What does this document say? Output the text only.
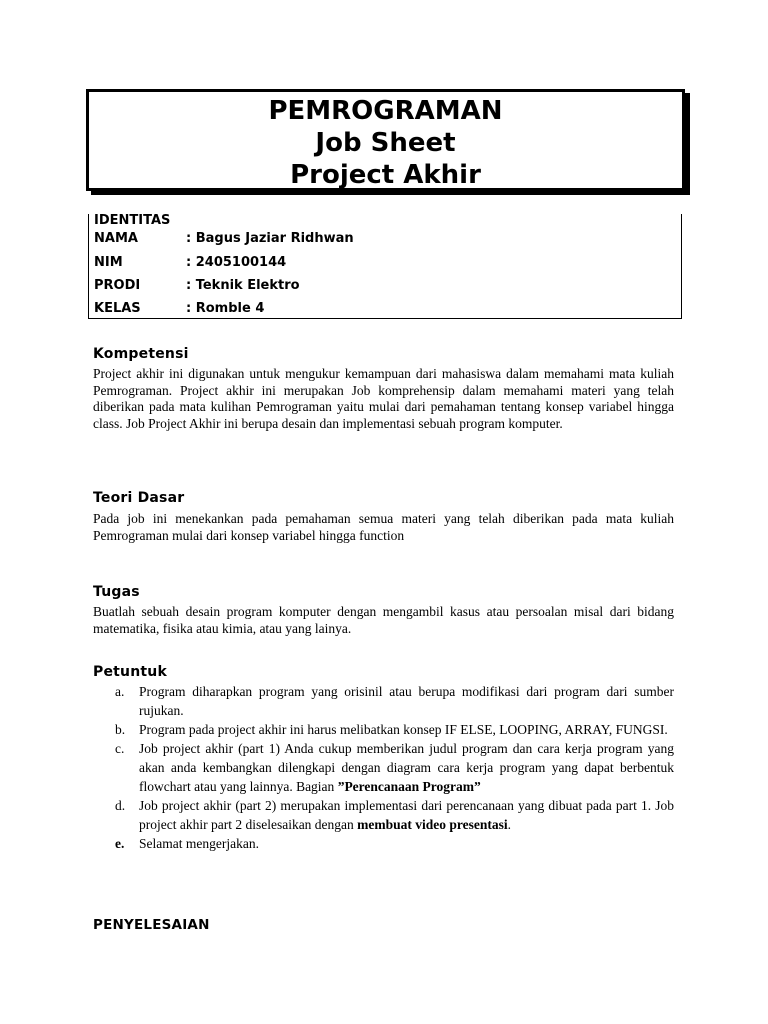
PEMROGRAMAN
Job Sheet
Project Akhir
IDENTITAS
NAMA	: Bagus Jaziar Ridhwan
NIM	: 2405100144
PRODI	: Teknik Elektro
KELAS	: Romble 4
Kompetensi
Project akhir ini digunakan untuk mengukur kemampuan dari mahasiswa dalam memahami mata kuliah Pemrograman. Project akhir ini merupakan Job komprehensip dalam memahami materi yang telah diberikan pada mata kulihan Pemrograman yaitu mulai dari pemahaman tentang konsep variabel hingga class. Job Project Akhir ini berupa desain dan implementasi sebuah program komputer.
Teori Dasar
Pada job ini menekankan pada pemahaman semua materi yang telah diberikan pada mata kuliah Pemrograman mulai dari konsep variabel hingga function
Tugas
Buatlah sebuah desain program komputer dengan mengambil kasus atau persoalan misal dari bidang matematika, fisika atau kimia, atau yang lainya.
Petuntuk
a. Program diharapkan program yang orisinil atau berupa modifikasi dari program dari sumber rujukan.
b. Program pada project akhir ini harus melibatkan konsep IF ELSE, LOOPING, ARRAY, FUNGSI.
c. Job project akhir (part 1) Anda cukup memberikan judul program dan cara kerja program yang akan anda kembangkan dilengkapi dengan diagram cara kerja program yang dapat berbentuk flowchart atau yang lainnya. Bagian ”Perencanaan Program”
d. Job project akhir (part 2) merupakan implementasi dari perencanaan yang dibuat pada part 1. Job project akhir part 2 diselesaikan dengan membuat video presentasi.
e. Selamat mengerjakan.
PENYELESAIAN
